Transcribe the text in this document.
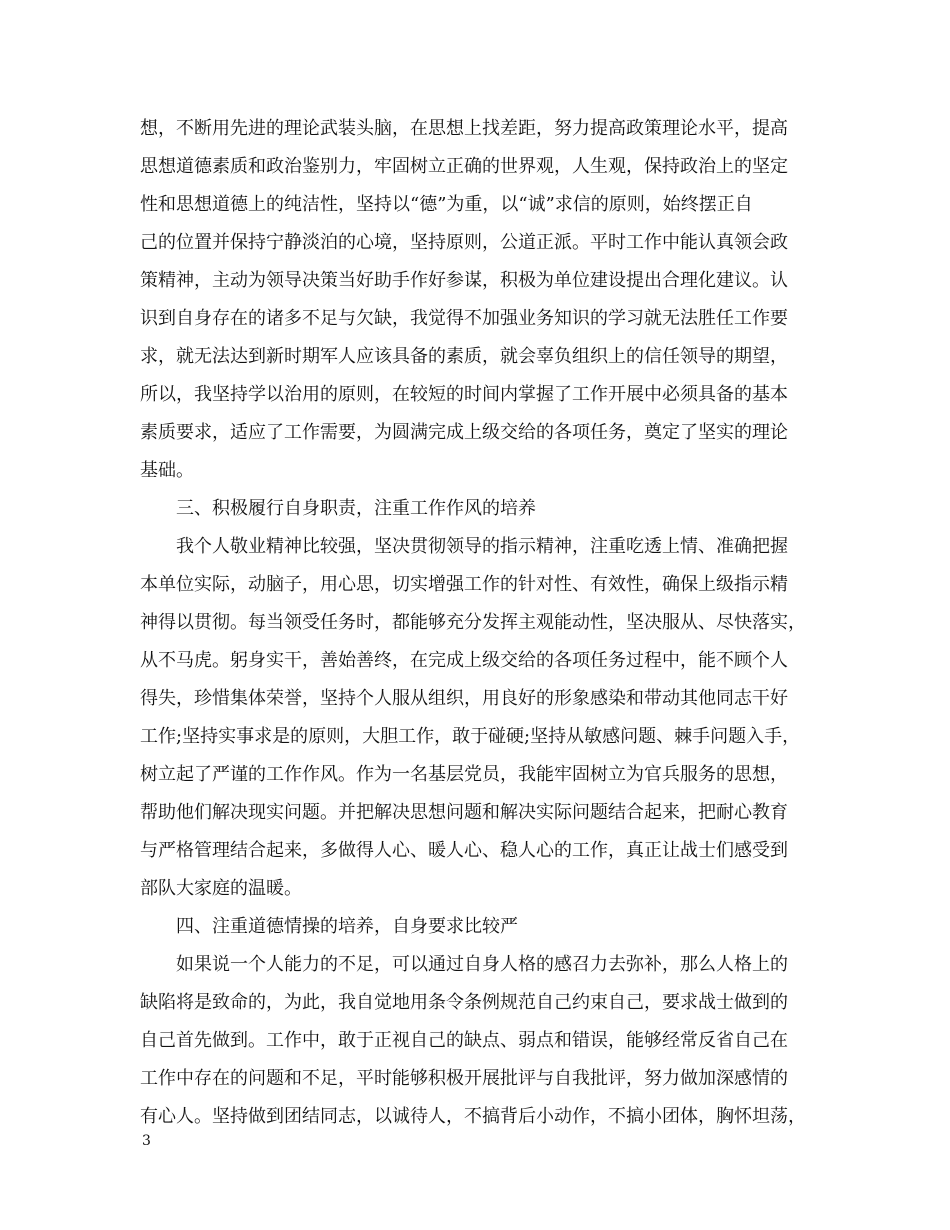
想，不断用先进的理论武装头脑，在思想上找差距，努力提高政策理论水平，提高
思想道德素质和政治鉴别力，牢固树立正确的世界观，人生观，保持政治上的坚定
性和思想道德上的纯洁性，坚持以“德”为重，以“诚”求信的原则，始终摆正自
己的位置并保持宁静淡泊的心境，坚持原则，公道正派。平时工作中能认真领会政
策精神，主动为领导决策当好助手作好参谋，积极为单位建设提出合理化建议。认
识到自身存在的诸多不足与欠缺，我觉得不加强业务知识的学习就无法胜任工作要
求，就无法达到新时期军人应该具备的素质，就会辜负组织上的信任领导的期望，
所以，我坚持学以治用的原则，在较短的时间内掌握了工作开展中必须具备的基本
素质要求，适应了工作需要，为圆满完成上级交给的各项任务，奠定了坚实的理论
基础。
三、积极履行自身职责，注重工作作风的培养
我个人敬业精神比较强，坚决贯彻领导的指示精神，注重吃透上情、准确把握
本单位实际，动脑子，用心思，切实增强工作的针对性、有效性，确保上级指示精
神得以贯彻。每当领受任务时，都能够充分发挥主观能动性，坚决服从、尽快落实，
从不马虎。躬身实干，善始善终，在完成上级交给的各项任务过程中，能不顾个人
得失，珍惜集体荣誉，坚持个人服从组织，用良好的形象感染和带动其他同志干好
工作;坚持实事求是的原则，大胆工作，敢于碰硬;坚持从敏感问题、棘手问题入手，
树立起了严谨的工作作风。作为一名基层党员，我能牢固树立为官兵服务的思想，
帮助他们解决现实问题。并把解决思想问题和解决实际问题结合起来，把耐心教育
与严格管理结合起来，多做得人心、暖人心、稳人心的工作，真正让战士们感受到
部队大家庭的温暖。
四、注重道德情操的培养，自身要求比较严
如果说一个人能力的不足，可以通过自身人格的感召力去弥补，那么人格上的
缺陷将是致命的，为此，我自觉地用条令条例规范自己约束自己，要求战士做到的
自己首先做到。工作中，敢于正视自己的缺点、弱点和错误，能够经常反省自己在
工作中存在的问题和不足，平时能够积极开展批评与自我批评，努力做加深感情的
有心人。坚持做到团结同志，以诚待人，不搞背后小动作，不搞小团体，胸怀坦荡，
3
